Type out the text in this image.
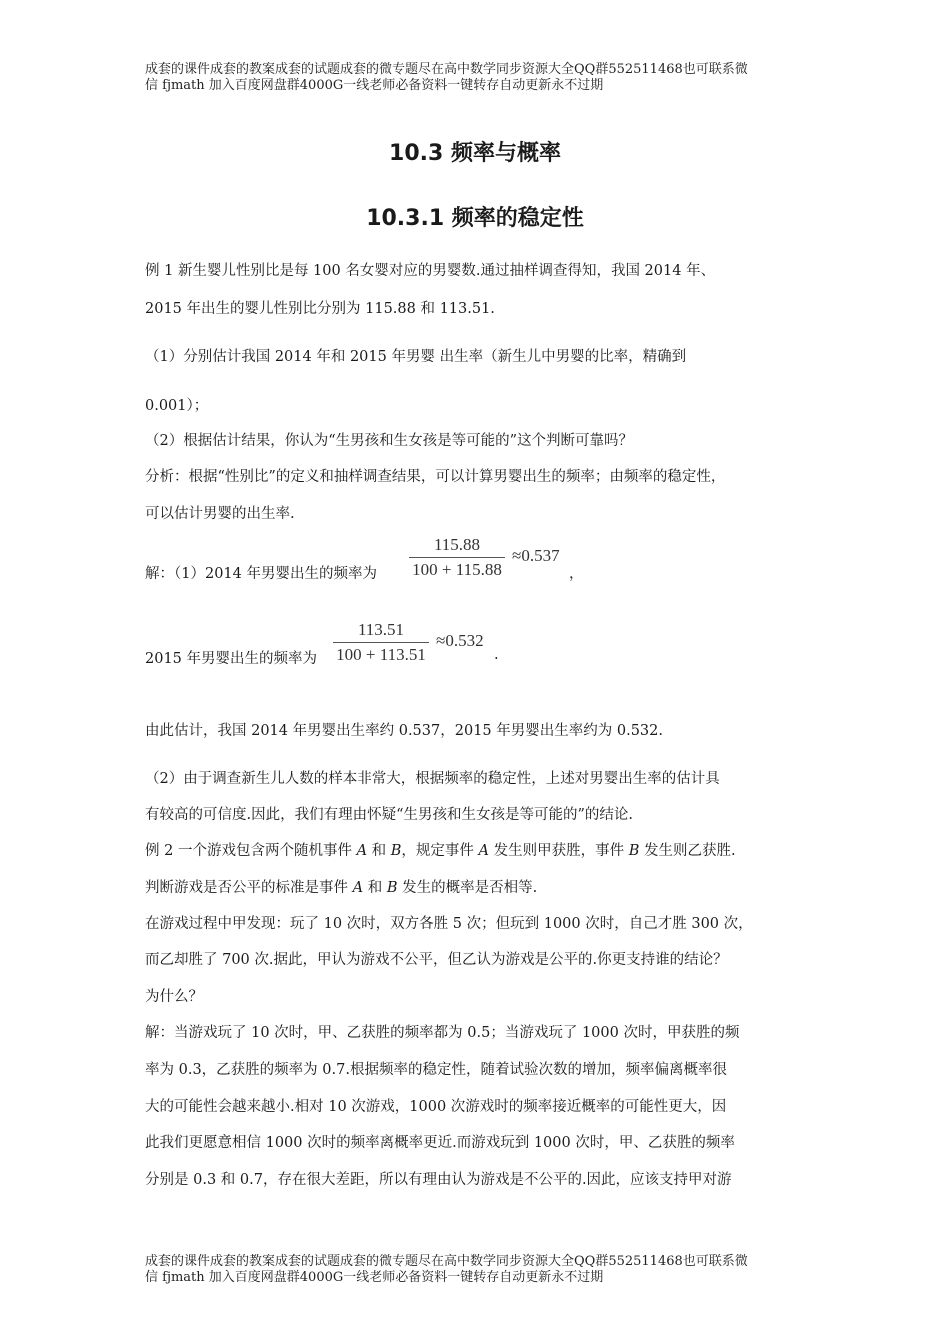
成套的课件成套的教案成套的试题成套的微专题尽在高中数学同步资源大全QQ群552511468也可联系微
信 fjmath 加入百度网盘群4000G一线老师必备资料一键转存自动更新永不过期
10.3 频率与概率
10.3.1 频率的稳定性
例 1 新生婴儿性别比是每 100 名女婴对应的男婴数.通过抽样调查得知，我国 2014 年、
2015 年出生的婴儿性别比分别为 115.88 和 113.51.
（1）分别估计我国 2014 年和 2015 年男婴 出生率（新生儿中男婴的比率，精确到
0.001）；
（2）根据估计结果，你认为“生男孩和生女孩是等可能的”这个判断可靠吗？
分析：根据“性别比”的定义和抽样调查结果，可以计算男婴出生的频率；由频率的稳定性，
可以估计男婴的出生率.
解：（1）2014 年男婴出生的频率为 $\frac{115.88}{100 + 115.88} \approx 0.537$
，
2015 年男婴出生的频率为 $\frac{113.51}{100 + 113.51} \approx 0.532$
.
由此估计，我国 2014 年男婴出生率约 0.537，2015 年男婴出生率约为 0.532.
（2）由于调查新生儿人数的样本非常大，根据频率的稳定性，上述对男婴出生率的估计具
有较高的可信度.因此，我们有理由怀疑“生男孩和生女孩是等可能的”的结论.
例 2 一个游戏包含两个随机事件 A 和 B，规定事件 A 发生则甲获胜，事件 B 发生则乙获胜.
判断游戏是否公平的标准是事件 A 和 B 发生的概率是否相等.
在游戏过程中甲发现：玩了 10 次时，双方各胜 5 次；但玩到 1000 次时，自己才胜 300 次，
而乙却胜了 700 次.据此，甲认为游戏不公平，但乙认为游戏是公平的.你更支持谁的结论？
为什么？
解：当游戏玩了 10 次时，甲、乙获胜的频率都为 0.5；当游戏玩了 1000 次时，甲获胜的频
率为 0.3，乙获胜的频率为 0.7.根据频率的稳定性，随着试验次数的增加，频率偏离概率很
大的可能性会越来越小.相对 10 次游戏，1000 次游戏时的频率接近概率的可能性更大，因
此我们更愿意相信 1000 次时的频率离概率更近.而游戏玩到 1000 次时，甲、乙获胜的频率
分别是 0.3 和 0.7，存在很大差距，所以有理由认为游戏是不公平的.因此，应该支持甲对游
成套的课件成套的教案成套的试题成套的微专题尽在高中数学同步资源大全QQ群552511468也可联系微
信 fjmath 加入百度网盘群4000G一线老师必备资料一键转存自动更新永不过期
